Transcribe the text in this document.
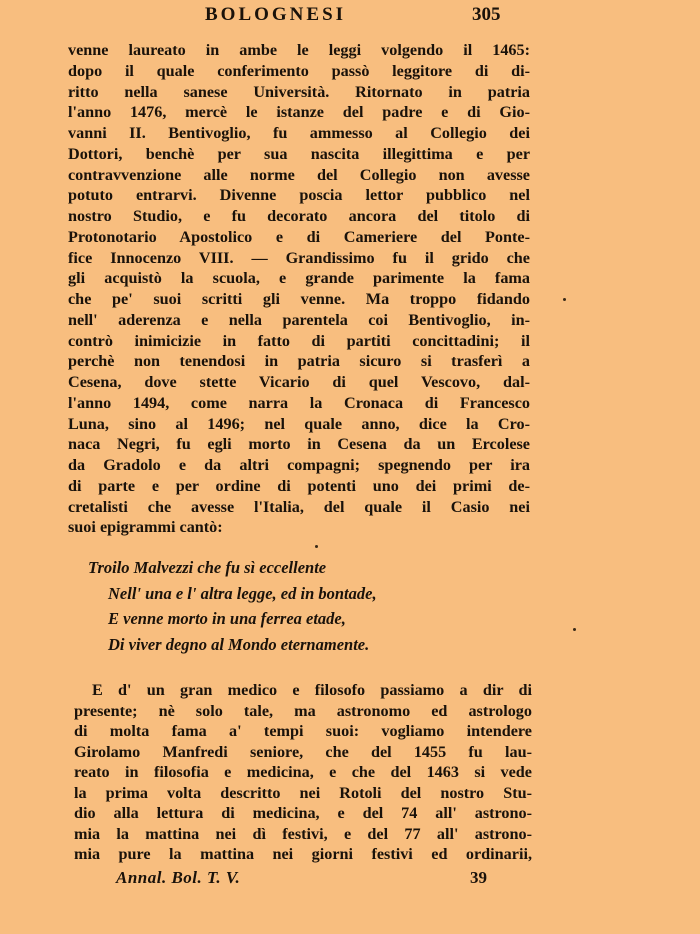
BOLOGNESI	305
venne laureato in ambe le leggi volgendo il 1465:
dopo il quale conferimento passò leggitore di di-
ritto nella sanese Università. Ritornato in patria
l'anno 1476, mercè le istanze del padre e di Gio-
vanni II. Bentivoglio, fu ammesso al Collegio dei
Dottori, benchè per sua nascita illegittima e per
contravvenzione alle norme del Collegio non avesse
potuto entrarvi. Divenne poscia lettor pubblico nel
nostro Studio, e fu decorato ancora del titolo di
Protonotario Apostolico e di Cameriere del Ponte-
fice Innocenzo VIII. — Grandissimo fu il grido che
gli acquistò la scuola, e grande parimente la fama
che pe' suoi scritti gli venne. Ma troppo fidando
nell' aderenza e nella parentela coi Bentivoglio, in-
contrò inimicizie in fatto di partiti concittadini; il
perchè non tenendosi in patria sicuro si trasferì a
Cesena, dove stette Vicario di quel Vescovo, dal-
l'anno 1494, come narra la Cronaca di Francesco
Luna, sino al 1496; nel quale anno, dice la Cro-
naca Negri, fu egli morto in Cesena da un Ercolese
da Gradolo e da altri compagni; spegnendo per ira
di parte e per ordine di potenti uno dei primi de-
cretalisti che avesse l'Italia, del quale il Casio nei
suoi epigrammi cantò:
Troilo Malvezzi che fu sì eccellente
Nell' una e l' altra legge, ed in bontade,
E venne morto in una ferrea etade,
Di viver degno al Mondo eternamente.
E d' un gran medico e filosofo passiamo a dir di
presente; nè solo tale, ma astronomo ed astrologo
di molta fama a' tempi suoi: vogliamo intendere
Girolamo Manfredi seniore, che del 1455 fu lau-
reato in filosofia e medicina, e che del 1463 si vede
la prima volta descritto nei Rotoli del nostro Stu-
dio alla lettura di medicina, e del 74 all' astrono-
mia la mattina nei dì festivi, e del 77 all' astrono-
mia pure la mattina nei giorni festivi ed ordinarii,
Annal. Bol. T. V.	39
